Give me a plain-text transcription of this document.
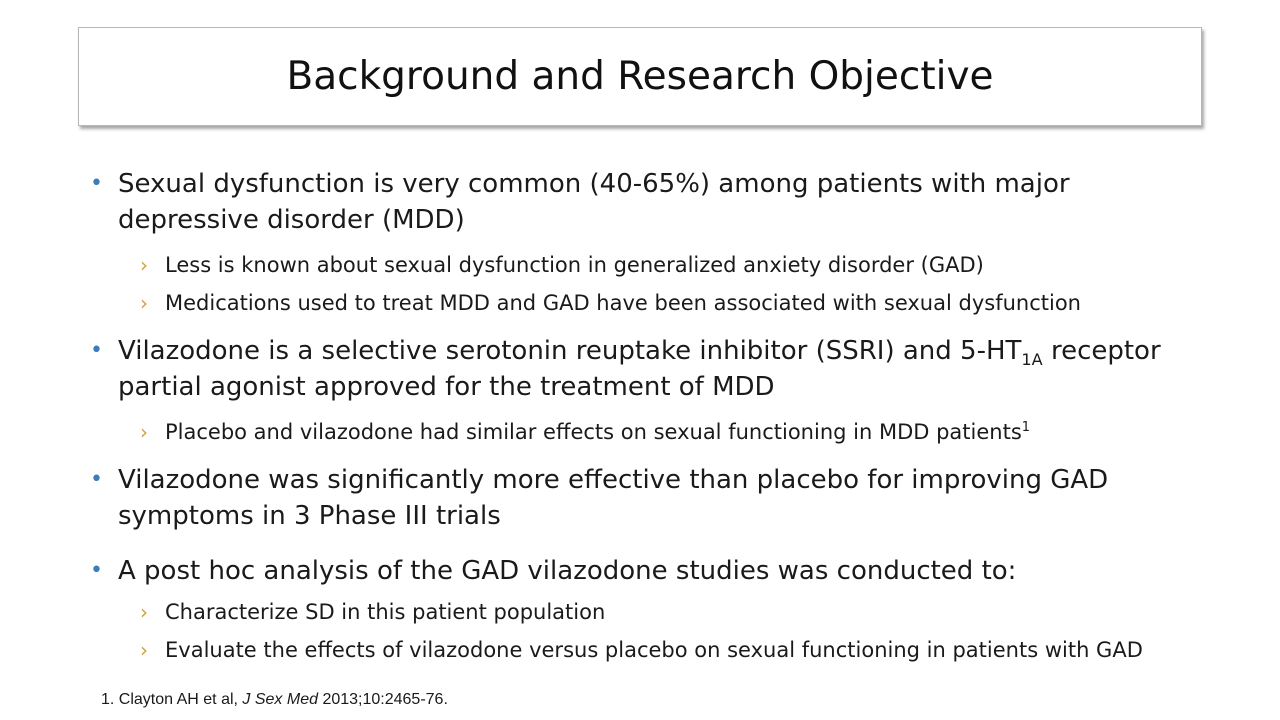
Background and Research Objective
• Sexual dysfunction is very common (40-65%) among patients with major depressive disorder (MDD)
› Less is known about sexual dysfunction in generalized anxiety disorder (GAD)
› Medications used to treat MDD and GAD have been associated with sexual dysfunction
• Vilazodone is a selective serotonin reuptake inhibitor (SSRI) and $5-HT_{1A}$ receptor partial agonist approved for the treatment of MDD
› Placebo and vilazodone had similar effects on sexual functioning in MDD patients$^1$
• Vilazodone was significantly more effective than placebo for improving GAD symptoms in 3 Phase III trials
• A post hoc analysis of the GAD vilazodone studies was conducted to:
› Characterize SD in this patient population
› Evaluate the effects of vilazodone versus placebo on sexual functioning in patients with GAD
1. Clayton AH et al, J Sex Med 2013;10:2465-76.
